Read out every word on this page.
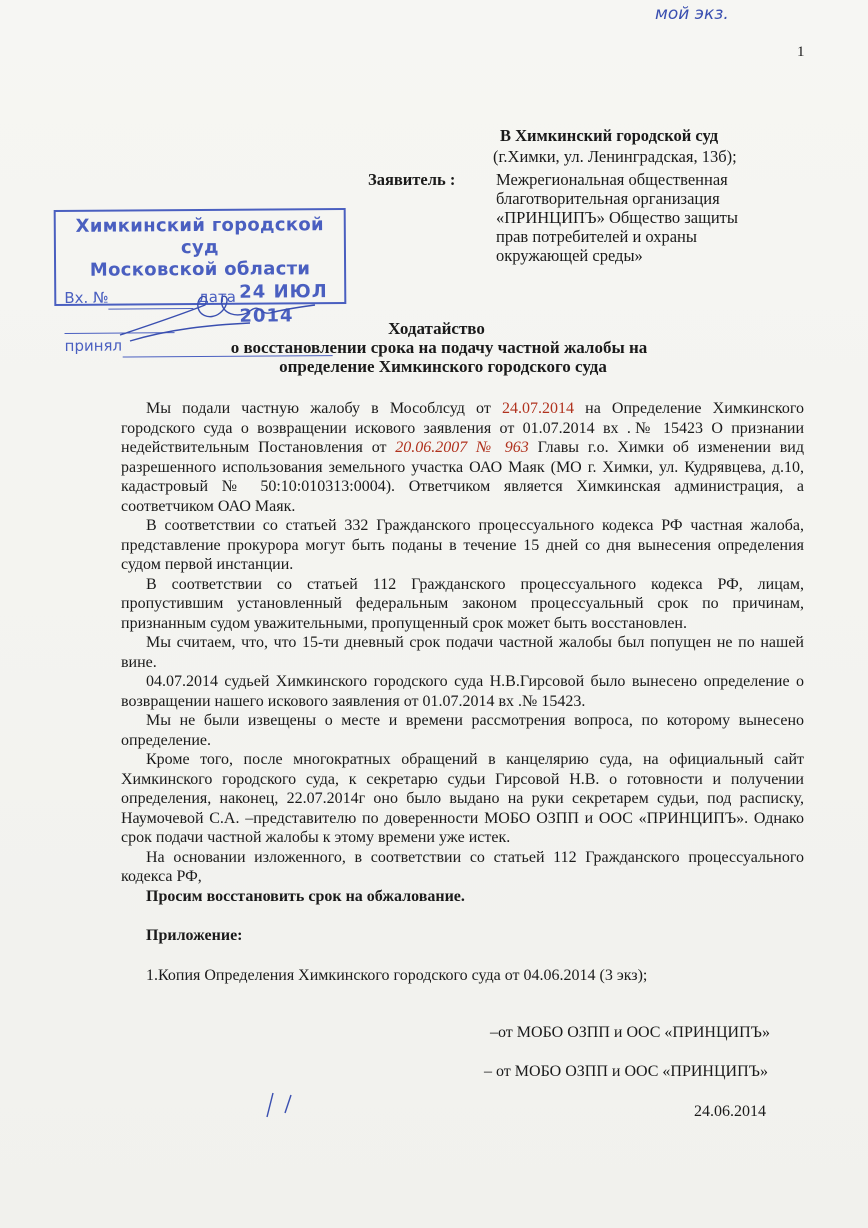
мой экз.
1
В Химкинский городской суд
(г.Химки, ул. Ленинградская, 13б);
Заявитель : Межрегиональная общественная
благотворительная организация
«ПРИНЦИПЪ» Общество защиты
прав потребителей и охраны
окружающей среды»
Химкинский городской суд
Московской области
Вх. №	дата 24 ИЮЛ 2014
принял
Ходатайство
о восстановлении срока на подачу частной жалобы на
определение Химкинского городского суда

Мы подали частную жалобу в Мособлсуд от 24.07.2014 на Определение Химкинского городского суда о возвращении искового заявления от 01.07.2014 вх .№ 15423 О признании недействительным Постановления от 20.06.2007 № 963 Главы г.о. Химки об изменении вид разрешенного использования земельного участка ОАО Маяк (МО г. Химки, ул. Кудрявцева, д.10, кадастровый № 50:10:010313:0004). Ответчиком является Химкинская администрация, а соответчиком ОАО Маяк.

В соответствии со статьей 332 Гражданского процессуального кодекса РФ частная жалоба, представление прокурора могут быть поданы в течение 15 дней со дня вынесения определения судом первой инстанции.

В соответствии со статьей 112 Гражданского процессуального кодекса РФ, лицам, пропустившим установленный федеральным законом процессуальный срок по причинам, признанным судом уважительными, пропущенный срок может быть восстановлен.

Мы считаем, что, что 15-ти дневный срок подачи частной жалобы был попущен не по нашей вине.

04.07.2014 судьей Химкинского городского суда Н.В.Гирсовой было вынесено определение о возвращении нашего искового заявления от 01.07.2014 вх .№ 15423.

Мы не были извещены о месте и времени рассмотрения вопроса, по которому вынесено определение.

Кроме того, после многократных обращений в канцелярию суда, на официальный сайт Химкинского городского суда, к секретарю судьи Гирсовой Н.В. о готовности и получении определения, наконец, 22.07.2014г оно было выдано на руки секретарем судьи, под расписку, Наумочевой С.А. –представителю по доверенности МОБО ОЗПП и ООС «ПРИНЦИПЪ». Однако срок подачи частной жалобы к этому времени уже истек.

На основании изложенного, в соответствии со статьей 112 Гражданского процессуального кодекса РФ,

Просим восстановить срок на обжалование.

Приложение:

1.Копия Определения Химкинского городского суда от 04.06.2014 (3 экз);

–от МОБО ОЗПП и ООС «ПРИНЦИПЪ»
– от МОБО ОЗПП и ООС «ПРИНЦИПЪ»
24.06.2014
